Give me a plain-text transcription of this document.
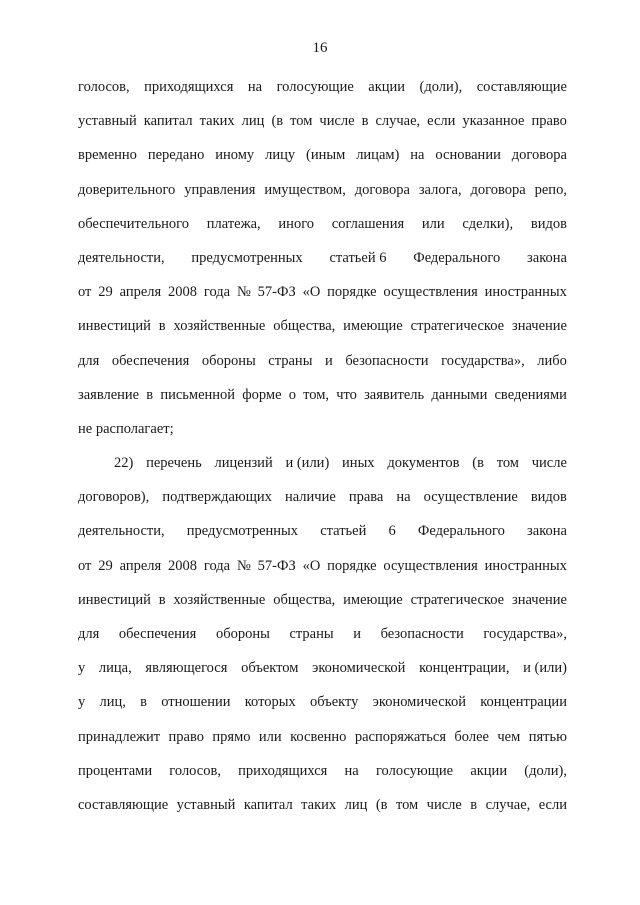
16
голосов, приходящихся на голосующие акции (доли), составляющие
уставный капитал таких лиц (в том числе в случае, если указанное право
временно передано иному лицу (иным лицам) на основании договора
доверительного управления имуществом, договора залога, договора репо,
обеспечительного платежа, иного соглашения или сделки), видов
деятельности, предусмотренных статьей 6 Федерального закона
от 29 апреля 2008 года № 57-ФЗ «О порядке осуществления иностранных
инвестиций в хозяйственные общества, имеющие стратегическое значение
для обеспечения обороны страны и безопасности государства», либо
заявление в письменной форме о том, что заявитель данными сведениями
не располагает;
22) перечень лицензий и (или) иных документов (в том числе
договоров), подтверждающих наличие права на осуществление видов
деятельности, предусмотренных статьей 6 Федерального закона
от 29 апреля 2008 года № 57-ФЗ «О порядке осуществления иностранных
инвестиций в хозяйственные общества, имеющие стратегическое значение
для обеспечения обороны страны и безопасности государства»,
у лица, являющегося объектом экономической концентрации, и (или)
у лиц, в отношении которых объекту экономической концентрации
принадлежит право прямо или косвенно распоряжаться более чем пятью
процентами голосов, приходящихся на голосующие акции (доли),
составляющие уставный капитал таких лиц (в том числе в случае, если
